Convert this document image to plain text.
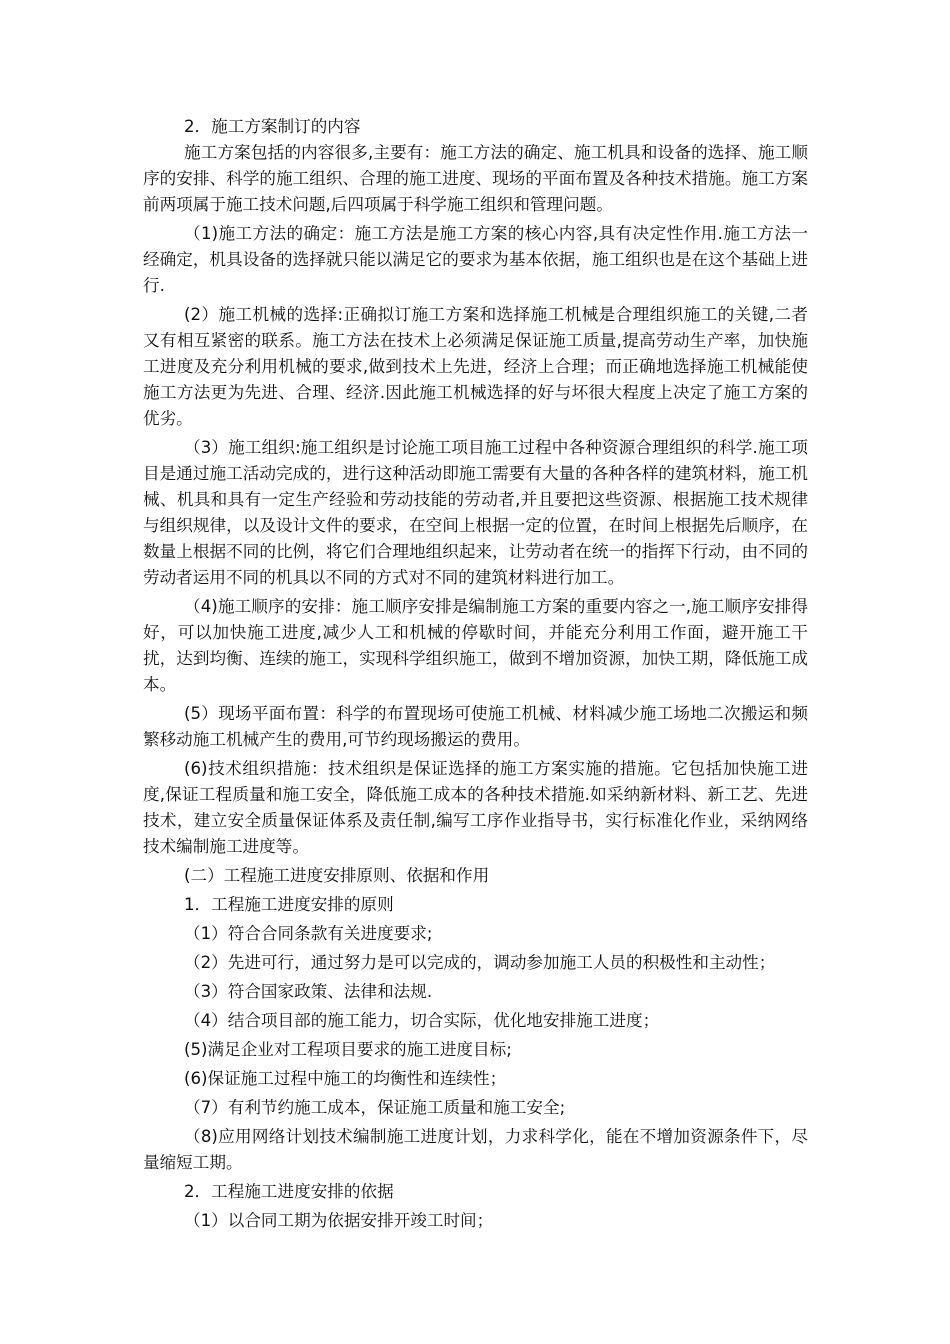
2．施工方案制订的内容

施工方案包括的内容很多,主要有：施工方法的确定、施工机具和设备的选择、施工顺序的安排、科学的施工组织、合理的施工进度、现场的平面布置及各种技术措施。施工方案前两项属于施工技术问题,后四项属于科学施工组织和管理问题。

（1)施工方法的确定：施工方法是施工方案的核心内容,具有决定性作用.施工方法一经确定，机具设备的选择就只能以满足它的要求为基本依据，施工组织也是在这个基础上进行.

(2）施工机械的选择:正确拟订施工方案和选择施工机械是合理组织施工的关键,二者又有相互紧密的联系。施工方法在技术上必须满足保证施工质量,提高劳动生产率，加快施工进度及充分利用机械的要求,做到技术上先进，经济上合理；而正确地选择施工机械能使施工方法更为先进、合理、经济.因此施工机械选择的好与坏很大程度上决定了施工方案的优劣。

（3）施工组织:施工组织是讨论施工项目施工过程中各种资源合理组织的科学.施工项目是通过施工活动完成的，进行这种活动即施工需要有大量的各种各样的建筑材料，施工机械、机具和具有一定生产经验和劳动技能的劳动者,并且要把这些资源、根据施工技术规律与组织规律，以及设计文件的要求，在空间上根据一定的位置，在时间上根据先后顺序，在数量上根据不同的比例，将它们合理地组织起来，让劳动者在统一的指挥下行动，由不同的劳动者运用不同的机具以不同的方式对不同的建筑材料进行加工。

（4)施工顺序的安排：施工顺序安排是编制施工方案的重要内容之一,施工顺序安排得好，可以加快施工进度,减少人工和机械的停歇时间，并能充分利用工作面，避开施工干扰，达到均衡、连续的施工，实现科学组织施工，做到不增加资源，加快工期，降低施工成本。

(5）现场平面布置：科学的布置现场可使施工机械、材料减少施工场地二次搬运和频繁移动施工机械产生的费用,可节约现场搬运的费用。

(6)技术组织措施：技术组织是保证选择的施工方案实施的措施。它包括加快施工进度,保证工程质量和施工安全，降低施工成本的各种技术措施.如采纳新材料、新工艺、先进技术，建立安全质量保证体系及责任制,编写工序作业指导书，实行标准化作业，采纳网络技术编制施工进度等。

(二）工程施工进度安排原则、依据和作用

1．工程施工进度安排的原则

（1）符合合同条款有关进度要求;

（2）先进可行，通过努力是可以完成的，调动参加施工人员的积极性和主动性；

（3）符合国家政策、法律和法规.

（4）结合项目部的施工能力，切合实际，优化地安排施工进度；

(5)满足企业对工程项目要求的施工进度目标;

(6)保证施工过程中施工的均衡性和连续性；

（7）有利节约施工成本，保证施工质量和施工安全;

（8)应用网络计划技术编制施工进度计划，力求科学化，能在不增加资源条件下，尽量缩短工期。

2．工程施工进度安排的依据

（1）以合同工期为依据安排开竣工时间；
